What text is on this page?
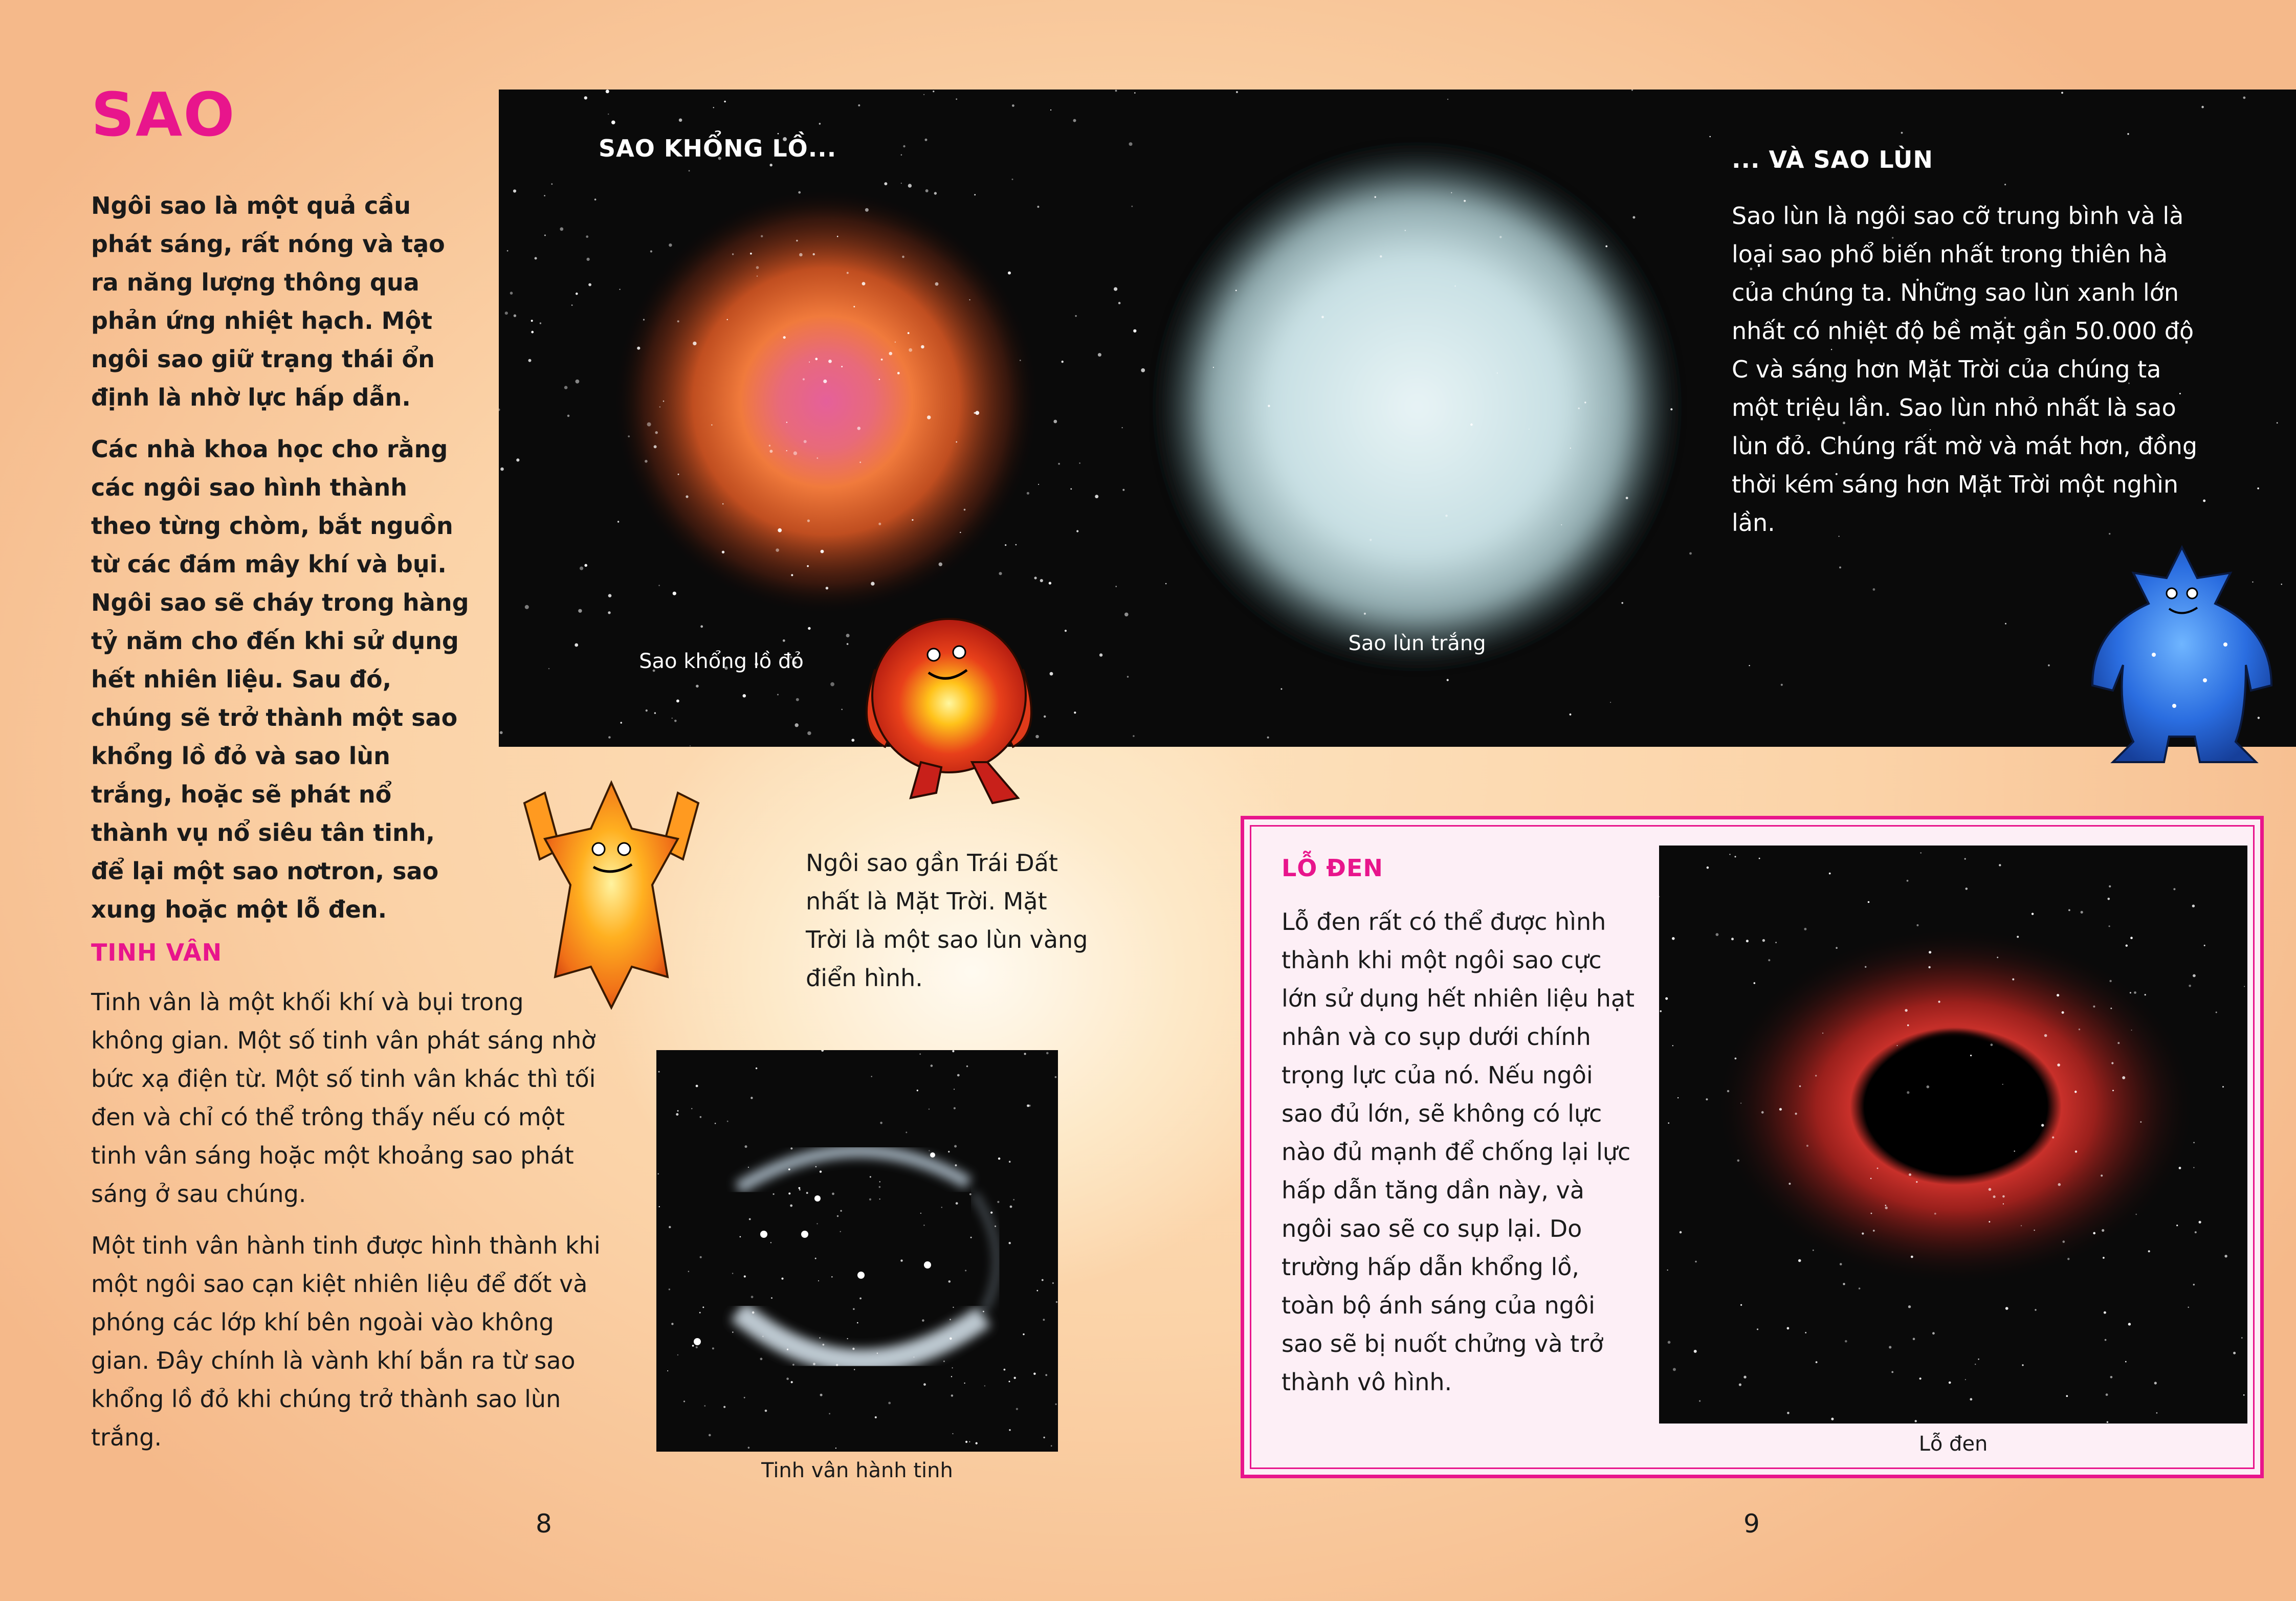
SAO

Ngôi sao là một quả cầu phát sáng, rất nóng và tạo ra năng lượng thông qua phản ứng nhiệt hạch. Một ngôi sao giữ trạng thái ổn định là nhờ lực hấp dẫn.

Các nhà khoa học cho rằng các ngôi sao hình thành theo từng chòm, bắt nguồn từ các đám mây khí và bụi. Ngôi sao sẽ cháy trong hàng tỷ năm cho đến khi sử dụng hết nhiên liệu. Sau đó, chúng sẽ trở thành một sao khổng lồ đỏ và sao lùn trắng, hoặc sẽ phát nổ thành vụ nổ siêu tân tinh, để lại một sao nơtron, sao xung hoặc một lỗ đen.

SAO KHỔNG LỒ...
Sao khổng lồ đỏ
Ngôi sao gần Trái Đất nhất là Mặt Trời. Mặt Trời là một sao lùn vàng điển hình.
TINH VÂN

Tinh vân là một khối khí và bụi trong không gian. Một số tinh vân phát sáng nhờ bức xạ điện từ. Một số tinh vân khác thì tối đen và chỉ có thể trông thấy nếu có một tinh vân sáng hoặc một khoảng sao phát sáng ở sau chúng.

Một tinh vân hành tinh được hình thành khi một ngôi sao cạn kiệt nhiên liệu để đốt và phóng các lớp khí bên ngoài vào không gian. Đây chính là vành khí bắn ra từ sao khổng lồ đỏ khi chúng trở thành sao lùn trắng.

Tinh vân hành tinh
8
Sao lùn trắng
... VÀ SAO LÙN
Sao lùn là ngôi sao cỡ trung bình và là loại sao phổ biến nhất trong thiên hà của chúng ta. Những sao lùn xanh lớn nhất có nhiệt độ bề mặt gần 50.000 độ C và sáng hơn Mặt Trời của chúng ta một triệu lần. Sao lùn nhỏ nhất là sao lùn đỏ. Chúng rất mờ và mát hơn, đồng thời kém sáng hơn Mặt Trời một nghìn lần.
LỖ ĐEN
Lỗ đen rất có thể được hình thành khi một ngôi sao cực lớn sử dụng hết nhiên liệu hạt nhân và co sụp dưới chính trọng lực của nó. Nếu ngôi sao đủ lớn, sẽ không có lực nào đủ mạnh để chống lại lực hấp dẫn tăng dần này, và ngôi sao sẽ co sụp lại. Do trường hấp dẫn khổng lồ, toàn bộ ánh sáng của ngôi sao sẽ bị nuốt chửng và trở thành vô hình.
Lỗ đen
9
